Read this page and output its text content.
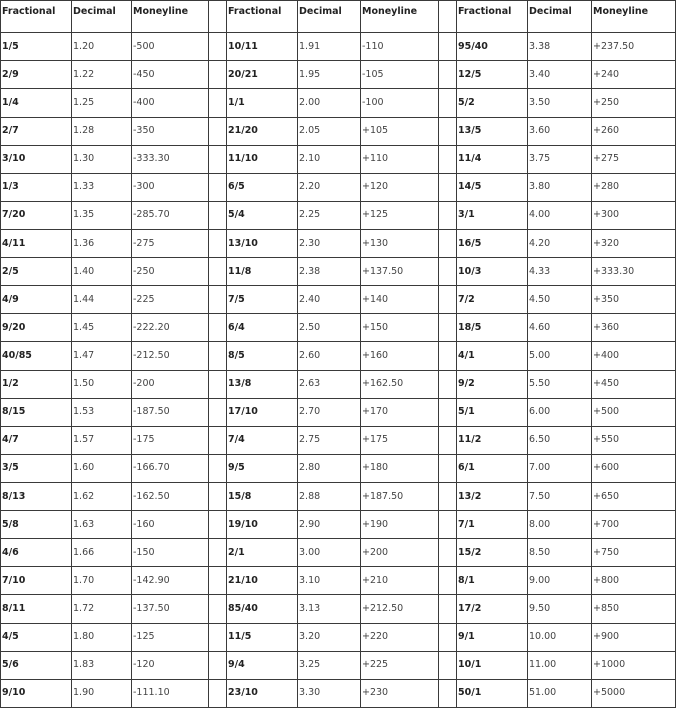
Fractional	Decimal	Moneyline		Fractional	Decimal	Moneyline		Fractional	Decimal	Moneyline
1/5	1.20	-500		10/11	1.91	-110		95/40	3.38	+237.50
2/9	1.22	-450		20/21	1.95	-105		12/5	3.40	+240
1/4	1.25	-400		1/1	2.00	-100		5/2	3.50	+250
2/7	1.28	-350		21/20	2.05	+105		13/5	3.60	+260
3/10	1.30	-333.30		11/10	2.10	+110		11/4	3.75	+275
1/3	1.33	-300		6/5	2.20	+120		14/5	3.80	+280
7/20	1.35	-285.70		5/4	2.25	+125		3/1	4.00	+300
4/11	1.36	-275		13/10	2.30	+130		16/5	4.20	+320
2/5	1.40	-250		11/8	2.38	+137.50		10/3	4.33	+333.30
4/9	1.44	-225		7/5	2.40	+140		7/2	4.50	+350
9/20	1.45	-222.20		6/4	2.50	+150		18/5	4.60	+360
40/85	1.47	-212.50		8/5	2.60	+160		4/1	5.00	+400
1/2	1.50	-200		13/8	2.63	+162.50		9/2	5.50	+450
8/15	1.53	-187.50		17/10	2.70	+170		5/1	6.00	+500
4/7	1.57	-175		7/4	2.75	+175		11/2	6.50	+550
3/5	1.60	-166.70		9/5	2.80	+180		6/1	7.00	+600
8/13	1.62	-162.50		15/8	2.88	+187.50		13/2	7.50	+650
5/8	1.63	-160		19/10	2.90	+190		7/1	8.00	+700
4/6	1.66	-150		2/1	3.00	+200		15/2	8.50	+750
7/10	1.70	-142.90		21/10	3.10	+210		8/1	9.00	+800
8/11	1.72	-137.50		85/40	3.13	+212.50		17/2	9.50	+850
4/5	1.80	-125		11/5	3.20	+220		9/1	10.00	+900
5/6	1.83	-120		9/4	3.25	+225		10/1	11.00	+1000
9/10	1.90	-111.10		23/10	3.30	+230		50/1	51.00	+5000
